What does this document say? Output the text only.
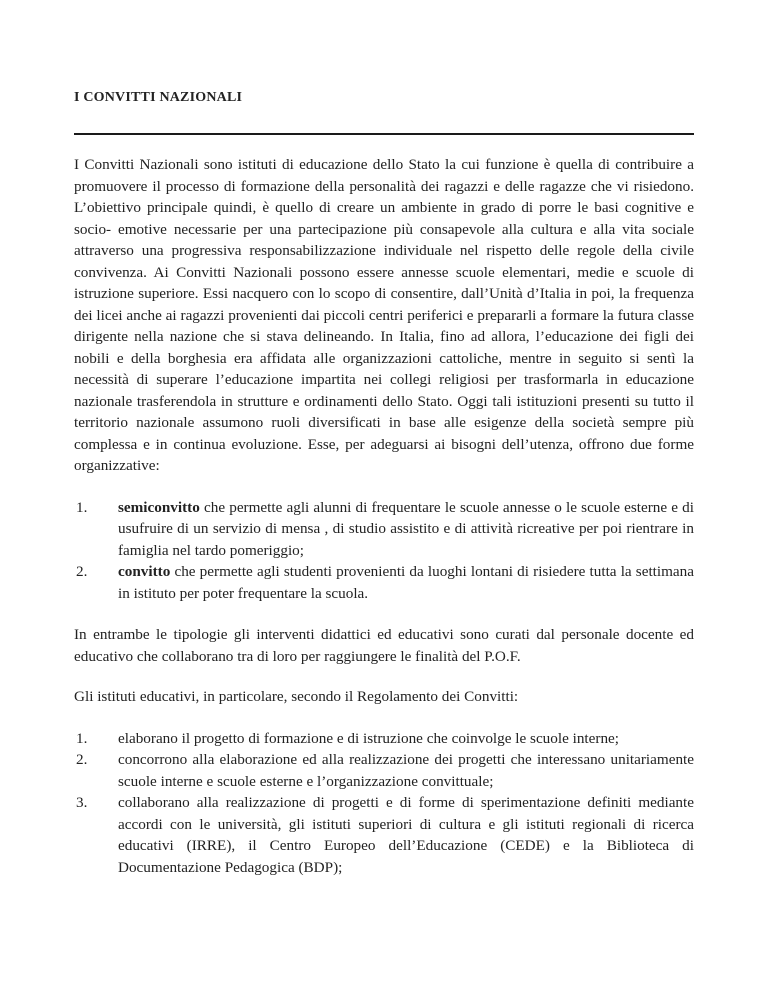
I CONVITTI NAZIONALI

I Convitti Nazionali sono istituti di educazione dello Stato la cui funzione è quella di contribuire a promuovere il processo di formazione della personalità dei ragazzi e delle ragazze che vi risiedono. L’obiettivo principale quindi, è quello di creare un ambiente in grado di porre le basi cognitive e socio- emotive necessarie per una partecipazione più consapevole alla cultura e alla vita sociale attraverso una progressiva responsabilizzazione individuale nel rispetto delle regole della civile convivenza. Ai Convitti Nazionali possono essere annesse scuole elementari, medie e scuole di istruzione superiore. Essi nacquero con lo scopo di consentire, dall’Unità d’Italia in poi, la frequenza dei licei anche ai ragazzi provenienti dai piccoli centri periferici e prepararli a formare la futura classe dirigente nella nazione che si stava delineando. In Italia, fino ad allora, l’educazione dei figli dei nobili e della borghesia era affidata alle organizzazioni cattoliche, mentre in seguito si sentì la necessità di superare l’educazione impartita nei collegi religiosi per trasformarla in educazione nazionale trasferendola in strutture e ordinamenti dello Stato. Oggi tali istituzioni presenti su tutto il territorio nazionale assumono ruoli diversificati in base alle esigenze della società sempre più complessa e in continua evoluzione. Esse, per adeguarsi ai bisogni dell’utenza, offrono due forme organizzative:

1. semiconvitto che permette agli alunni di frequentare le scuole annesse o le scuole esterne e di usufruire di un servizio di mensa , di studio assistito e di attività ricreative per poi rientrare in famiglia nel tardo pomeriggio;
2. convitto che permette agli studenti provenienti da luoghi lontani di risiedere tutta la settimana in istituto per poter frequentare la scuola.

In entrambe le tipologie gli interventi didattici ed educativi sono curati dal personale docente ed educativo che collaborano tra di loro per raggiungere le finalità del P.O.F.

Gli istituti educativi, in particolare, secondo il Regolamento dei Convitti:

1. elaborano il progetto di formazione e di istruzione che coinvolge le scuole interne;
2. concorrono alla elaborazione ed alla realizzazione dei progetti che interessano unitariamente scuole interne e scuole esterne e l’organizzazione convittuale;
3. collaborano alla realizzazione di progetti e di forme di sperimentazione definiti mediante accordi con le università, gli istituti superiori di cultura e gli istituti regionali di ricerca educativi (IRRE), il Centro Europeo dell’Educazione (CEDE) e la Biblioteca di Documentazione Pedagogica (BDP);
